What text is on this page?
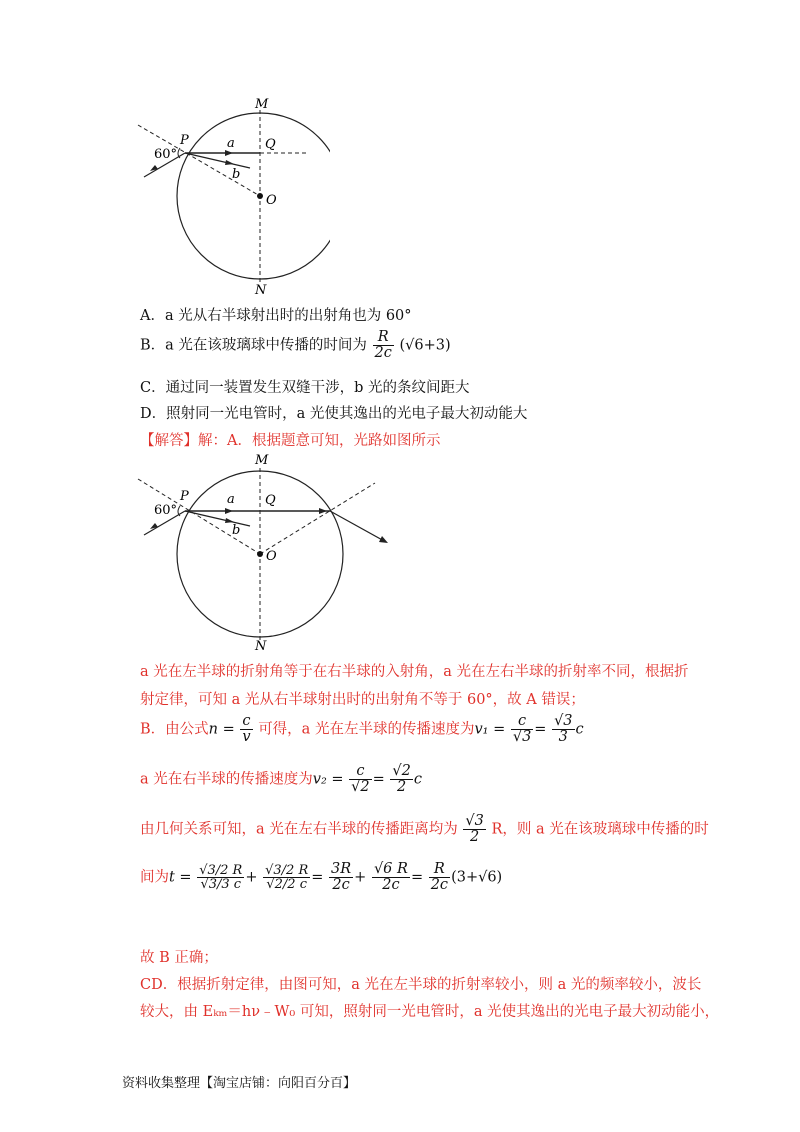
M
N
P	Q
O
a
b
60°
A．a 光从右半球射出时的出射角也为 60°
B．a 光在该玻璃球中传播的时间为 $\frac{R}{2c} (√6+3)$
C．通过同一装置发生双缝干涉，b 光的条纹间距大
D．照射同一光电管时，a 光使其逸出的光电子最大初动能大
【解答】解：A．根据题意可知，光路如图所示
M
N
P	Q
O
a
b
60°
a 光在左半球的折射角等于在右半球的入射角，a 光在左右半球的折射率不同，根据折
射定律，可知 a 光从右半球射出时的出射角不等于 60°，故 A 错误；
B．由公式$n = \frac{c}{v}$ 可得，a 光在左半球的传播速度为$v_1 = \frac{c}{√3} = \frac{√3}{3}$ c
a 光在右半球的传播速度为$v_2 = \frac{c}{√2} = \frac{√2}{2}$ c
由几何关系可知，a 光在左右半球的传播距离均为 $\frac{√3}{2}$ R，则 a 光在该玻璃球中传播的时
间为$t = \frac{√3/2 R}{√3/3 c} + \frac{√3/2 R}{√2/2 c} = \frac{3R}{2c} + \frac{√6 R}{2c} = \frac{R}{2c} (3+√6)$
故 B 正确；
CD．根据折射定律，由图可知，a 光在左半球的折射率较小，则 a 光的频率较小，波长
较大，由 Eₖₘ＝hν﹣W₀ 可知，照射同一光电管时，a 光使其逸出的光电子最大初动能小，
资料收集整理【淘宝店铺：向阳百分百】
